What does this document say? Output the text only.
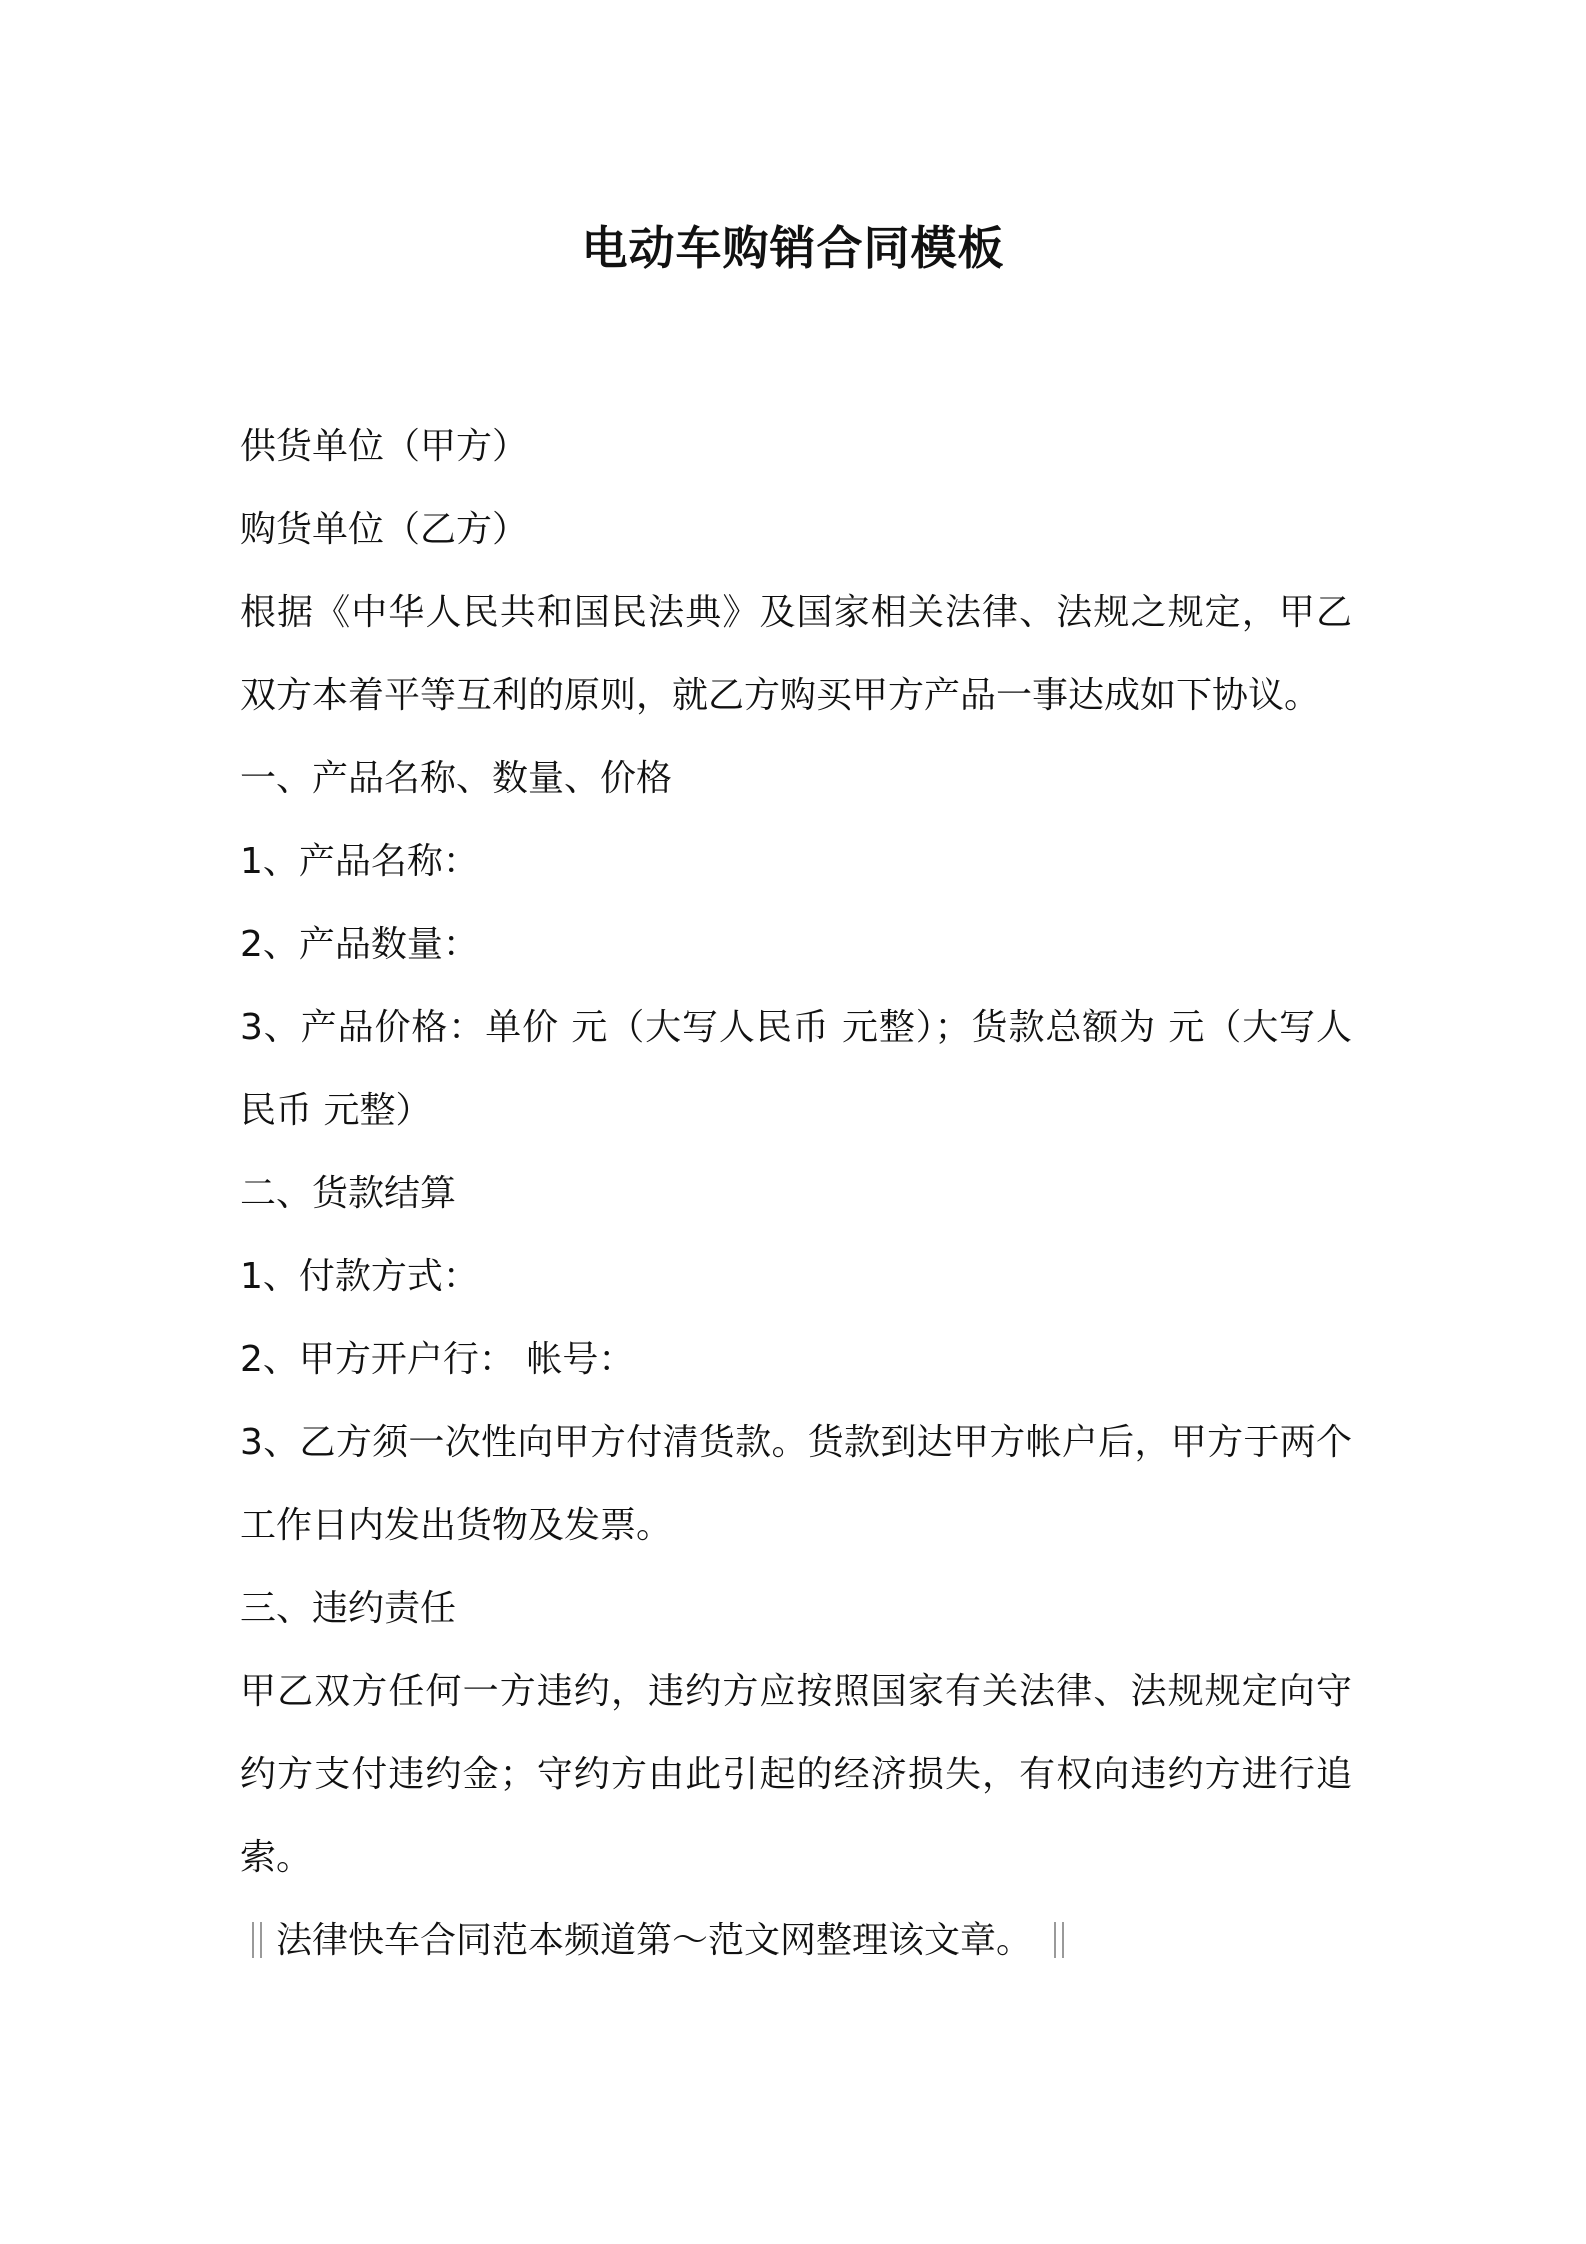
电动车购销合同模板

供货单位（甲方）

购货单位（乙方）

根据《中华人民共和国民法典》及国家相关法律、法规之规定，甲乙双方本着平等互利的原则，就乙方购买甲方产品一事达成如下协议。

一、产品名称、数量、价格

1、产品名称：

2、产品数量：

3、产品价格：单价 元（大写人民币 元整）；货款总额为 元（大写人民币 元整）

二、货款结算

1、付款方式：

2、甲方开户行： 帐号：

3、乙方须一次性向甲方付清货款。货款到达甲方帐户后，甲方于两个工作日内发出货物及发票。

三、违约责任

甲乙双方任何一方违约，违约方应按照国家有关法律、法规规定向守约方支付违约金；守约方由此引起的经济损失，有权向违约方进行追索。

法律快车合同范本频道第～范文网整理该文章。
